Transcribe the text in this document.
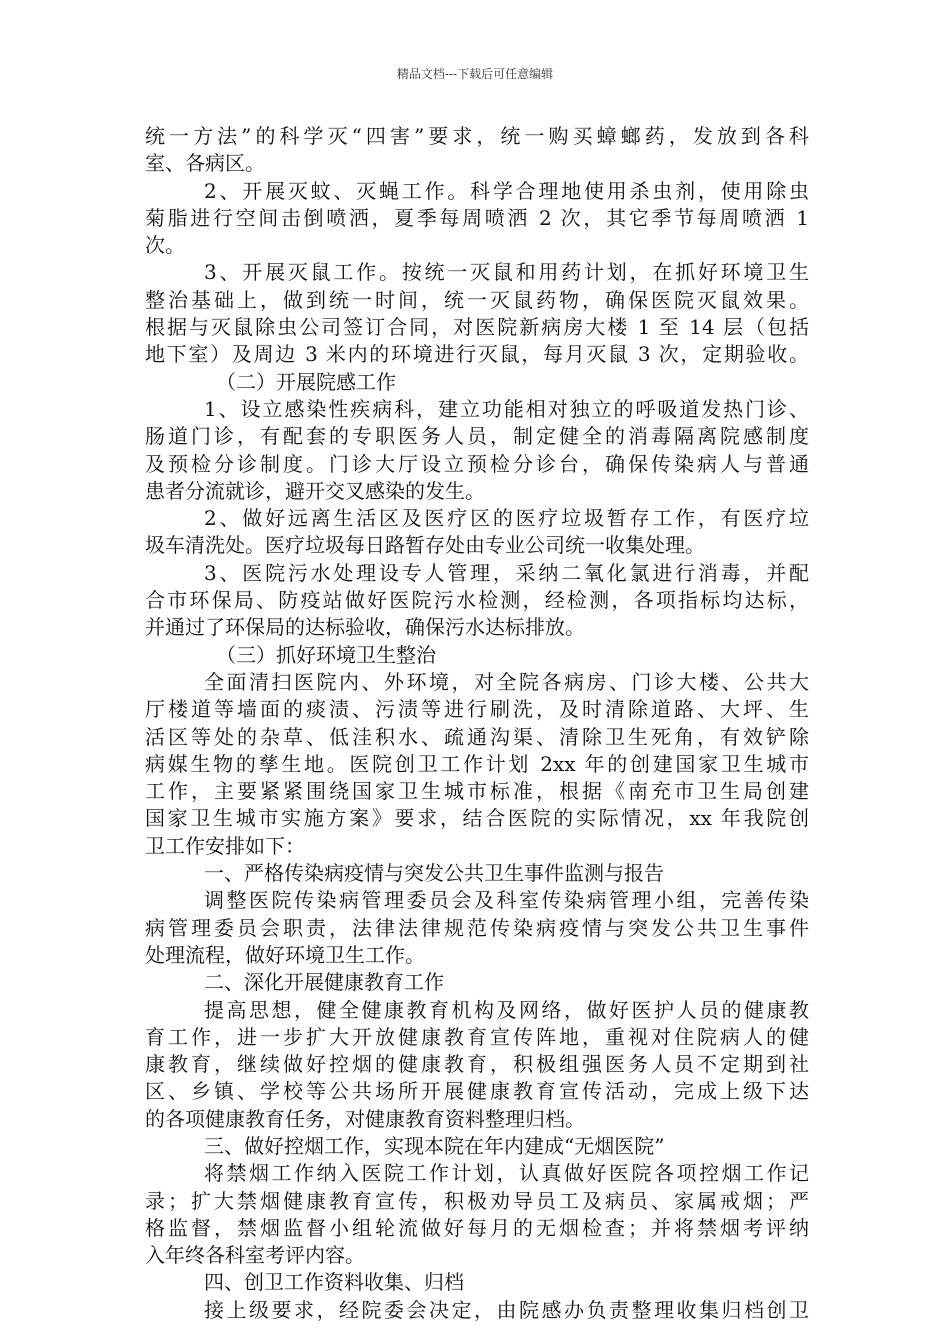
精品文档---下载后可任意编辑
统一方法”的科学灭“四害”要求，统一购买蟑螂药，发放到各科
室、各病区。
2、开展灭蚊、灭蝇工作。科学合理地使用杀虫剂，使用除虫
菊脂进行空间击倒喷洒，夏季每周喷洒 2 次，其它季节每周喷洒 1
次。
3、开展灭鼠工作。按统一灭鼠和用药计划，在抓好环境卫生
整治基础上，做到统一时间，统一灭鼠药物，确保医院灭鼠效果。
根据与灭鼠除虫公司签订合同，对医院新病房大楼 1 至 14 层（包括
地下室）及周边 3 米内的环境进行灭鼠，每月灭鼠 3 次，定期验收。
（二）开展院感工作
1、设立感染性疾病科，建立功能相对独立的呼吸道发热门诊、
肠道门诊，有配套的专职医务人员，制定健全的消毒隔离院感制度
及预检分诊制度。门诊大厅设立预检分诊台，确保传染病人与普通
患者分流就诊，避开交叉感染的发生。
2、做好远离生活区及医疗区的医疗垃圾暂存工作，有医疗垃
圾车清洗处。医疗垃圾每日路暂存处由专业公司统一收集处理。
3、医院污水处理设专人管理，采纳二氧化氯进行消毒，并配
合市环保局、防疫站做好医院污水检测，经检测，各项指标均达标，
并通过了环保局的达标验收，确保污水达标排放。
（三）抓好环境卫生整治
全面清扫医院内、外环境，对全院各病房、门诊大楼、公共大
厅楼道等墙面的痰渍、污渍等进行刷洗，及时清除道路、大坪、生
活区等处的杂草、低洼积水、疏通沟渠、清除卫生死角，有效铲除
病媒生物的孳生地。医院创卫工作计划 2xx 年的创建国家卫生城市
工作，主要紧紧围绕国家卫生城市标准，根据《南充市卫生局创建
国家卫生城市实施方案》要求，结合医院的实际情况，xx 年我院创
卫工作安排如下：
一、严格传染病疫情与突发公共卫生事件监测与报告
调整医院传染病管理委员会及科室传染病管理小组，完善传染
病管理委员会职责，法律法律规范传染病疫情与突发公共卫生事件
处理流程，做好环境卫生工作。
二、深化开展健康教育工作
提高思想，健全健康教育机构及网络，做好医护人员的健康教
育工作，进一步扩大开放健康教育宣传阵地，重视对住院病人的健
康教育，继续做好控烟的健康教育，积极组强医务人员不定期到社
区、乡镇、学校等公共场所开展健康教育宣传活动，完成上级下达
的各项健康教育任务，对健康教育资料整理归档。
三、做好控烟工作，实现本院在年内建成“无烟医院”
将禁烟工作纳入医院工作计划，认真做好医院各项控烟工作记
录；扩大禁烟健康教育宣传，积极劝导员工及病员、家属戒烟；严
格监督，禁烟监督小组轮流做好每月的无烟检查；并将禁烟考评纳
入年终各科室考评内容。
四、创卫工作资料收集、归档
接上级要求，经院委会决定，由院感办负责整理收集归档创卫
